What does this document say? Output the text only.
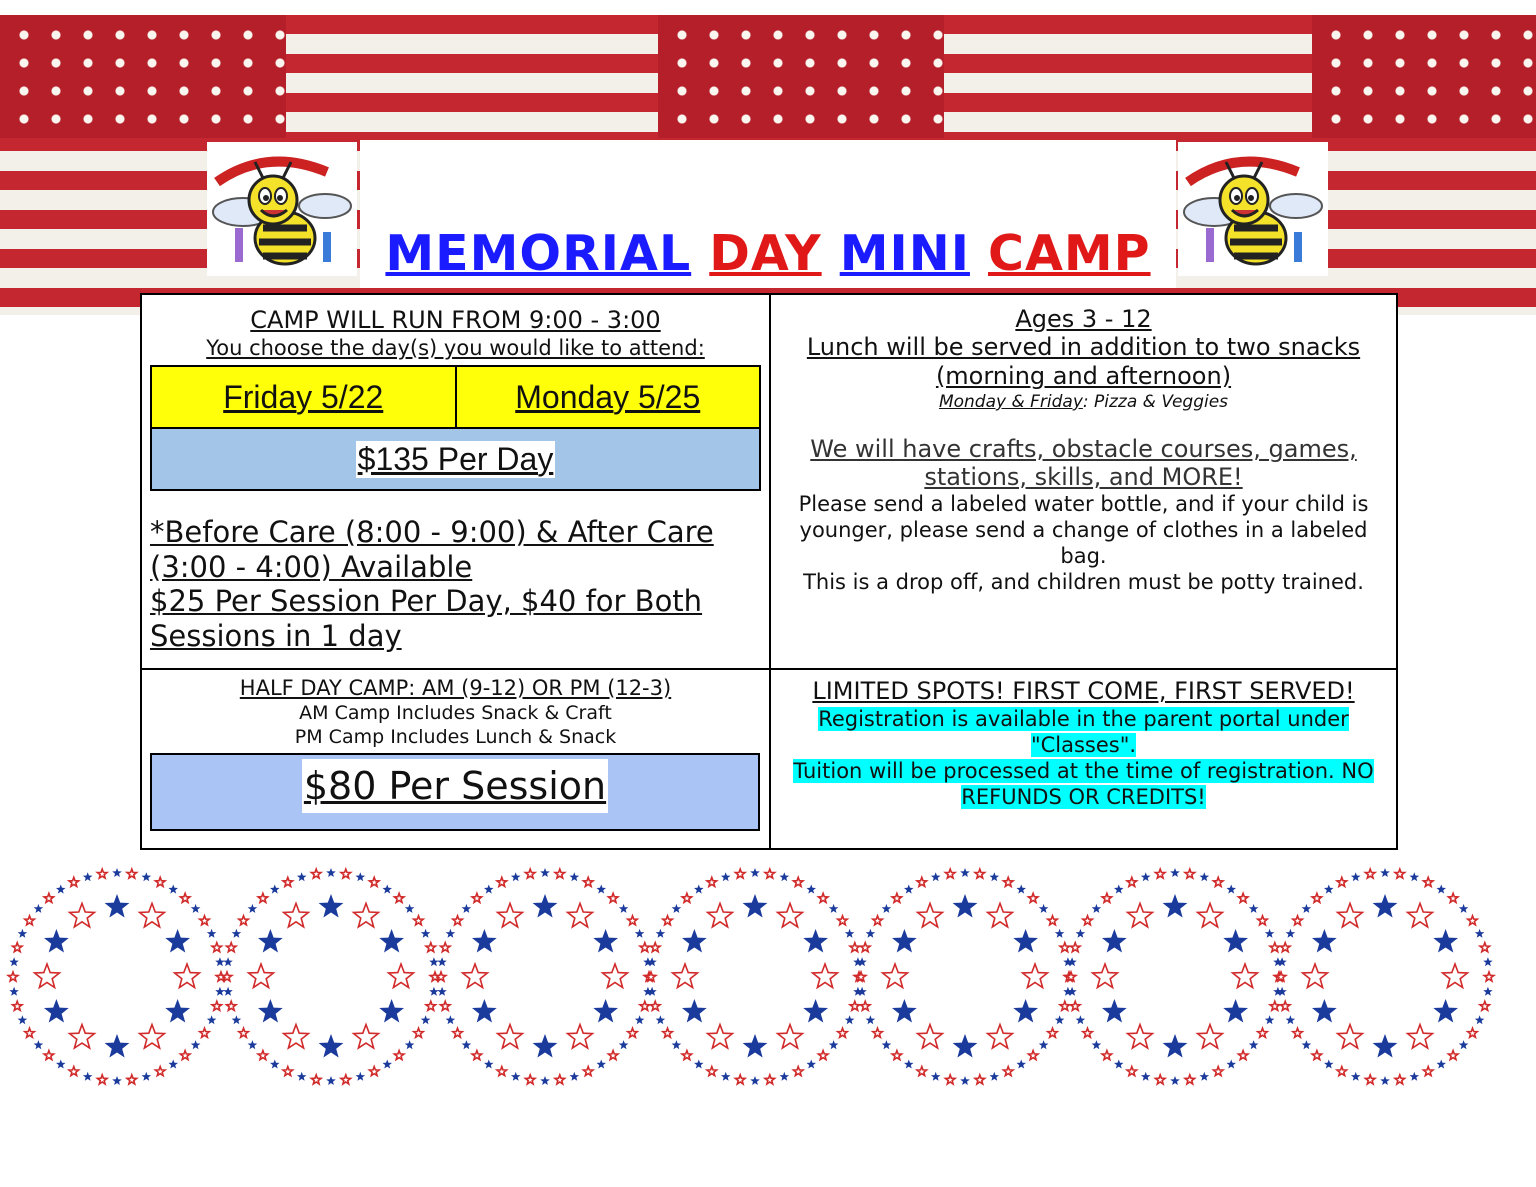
MEMORIAL DAY MINI CAMP
CAMP WILL RUN FROM 9:00 - 3:00
You choose the day(s) you would like to attend:
Friday 5/22	Monday 5/25
$135 Per Day
*Before Care (8:00 - 9:00) & After Care (3:00 - 4:00) Available
$25 Per Session Per Day, $40 for Both Sessions in 1 day
Ages 3 - 12
Lunch will be served in addition to two snacks (morning and afternoon)
Monday & Friday: Pizza & Veggies
We will have crafts, obstacle courses, games, stations, skills, and MORE!
Please send a labeled water bottle, and if your child is younger, please send a change of clothes in a labeled bag.
This is a drop off, and children must be potty trained.
HALF DAY CAMP: AM (9-12) OR PM (12-3)
AM Camp Includes Snack & Craft
PM Camp Includes Lunch & Snack
$80 Per Session
LIMITED SPOTS! FIRST COME, FIRST SERVED!
Registration is available in the parent portal under "Classes".
Tuition will be processed at the time of registration. NO REFUNDS OR CREDITS!
